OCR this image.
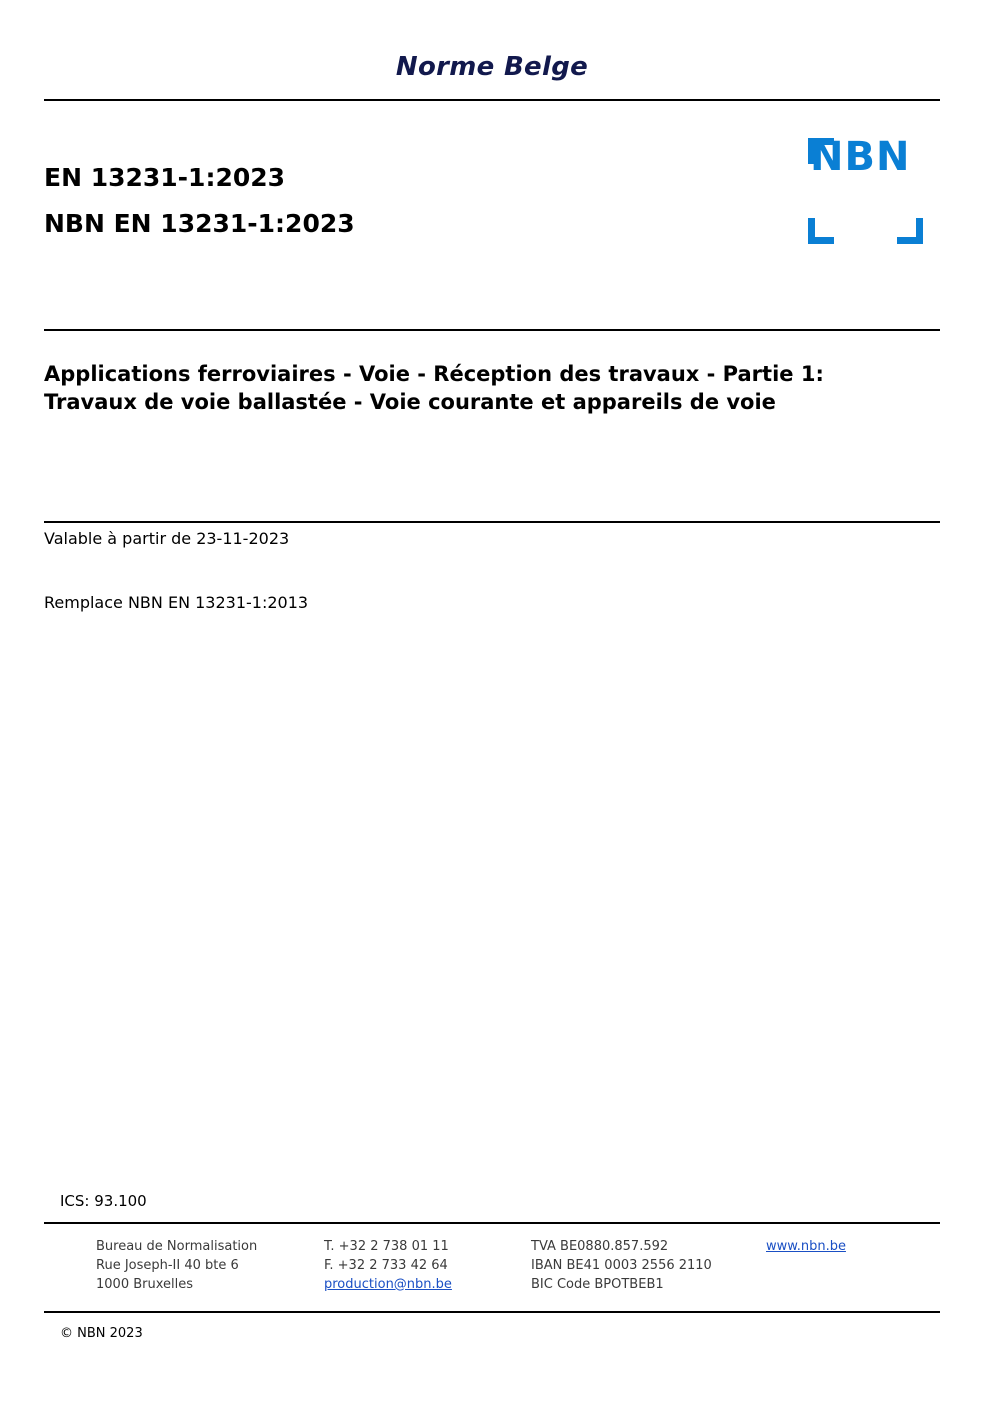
Norme Belge
EN 13231-1:2023
NBN EN 13231-1:2023
NBN
Applications ferroviaires - Voie - Réception des travaux - Partie 1: Travaux de voie ballastée - Voie courante et appareils de voie
Valable à partir de 23-11-2023
Remplace NBN EN 13231-1:2013
ICS: 93.100
Bureau de Normalisation
Rue Joseph-II 40 bte 6
1000 Bruxelles
T. +32 2 738 01 11
F. +32 2 733 42 64
production@nbn.be
TVA BE0880.857.592
IBAN BE41 0003 2556 2110
BIC Code BPOTBEB1
www.nbn.be
© NBN 2023
